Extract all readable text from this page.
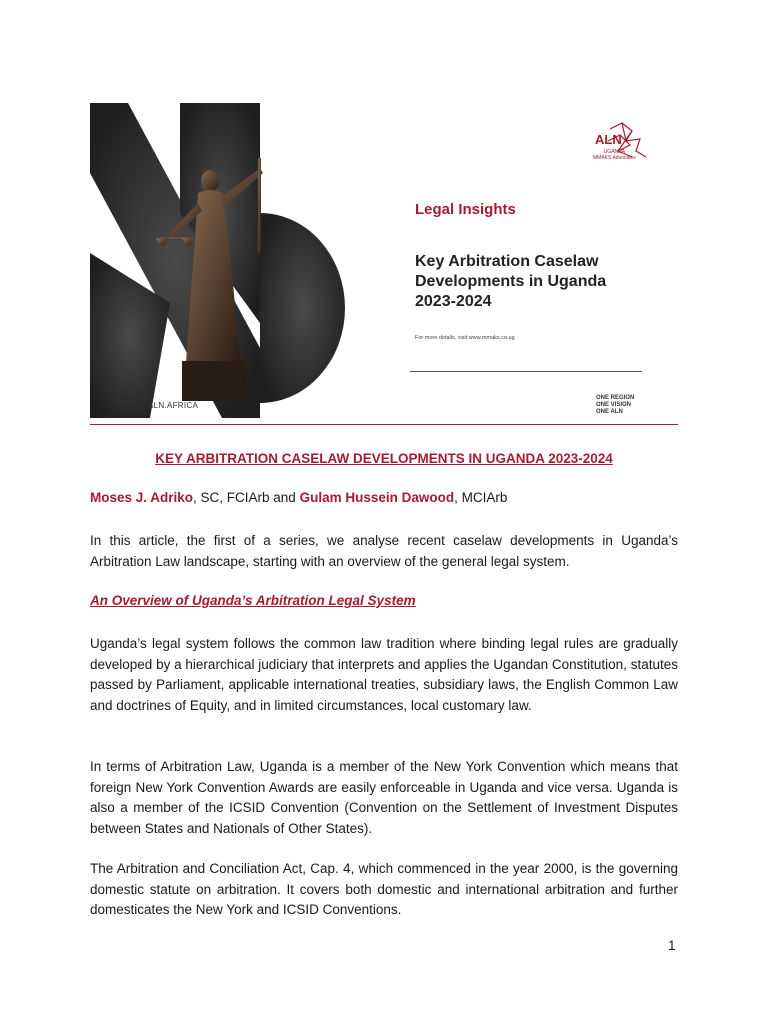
ALN.AFRICA
ALN
UGANDA
MMAKS Advocates
Legal Insights
Key Arbitration Caselaw
Developments in Uganda
2023-2024
For more details, visit www.mmaks.co.ug
ONE REGION
ONE VISION
ONE ALN
KEY ARBITRATION CASELAW DEVELOPMENTS IN UGANDA 2023-2024
Moses J. Adriko, SC, FCIArb and Gulam Hussein Dawood, MCIArb

In this article, the first of a series, we analyse recent caselaw developments in Uganda’s Arbitration Law landscape, starting with an overview of the general legal system.

An Overview of Uganda’s Arbitration Legal System

Uganda’s legal system follows the common law tradition where binding legal rules are gradually developed by a hierarchical judiciary that interprets and applies the Ugandan Constitution, statutes passed by Parliament, applicable international treaties, subsidiary laws, the English Common Law and doctrines of Equity, and in limited circumstances, local customary law.

In terms of Arbitration Law, Uganda is a member of the New York Convention which means that foreign New York Convention Awards are easily enforceable in Uganda and vice versa. Uganda is also a member of the ICSID Convention (Convention on the Settlement of Investment Disputes between States and Nationals of Other States).

The Arbitration and Conciliation Act, Cap. 4, which commenced in the year 2000, is the governing domestic statute on arbitration. It covers both domestic and international arbitration and further domesticates the New York and ICSID Conventions.

1
